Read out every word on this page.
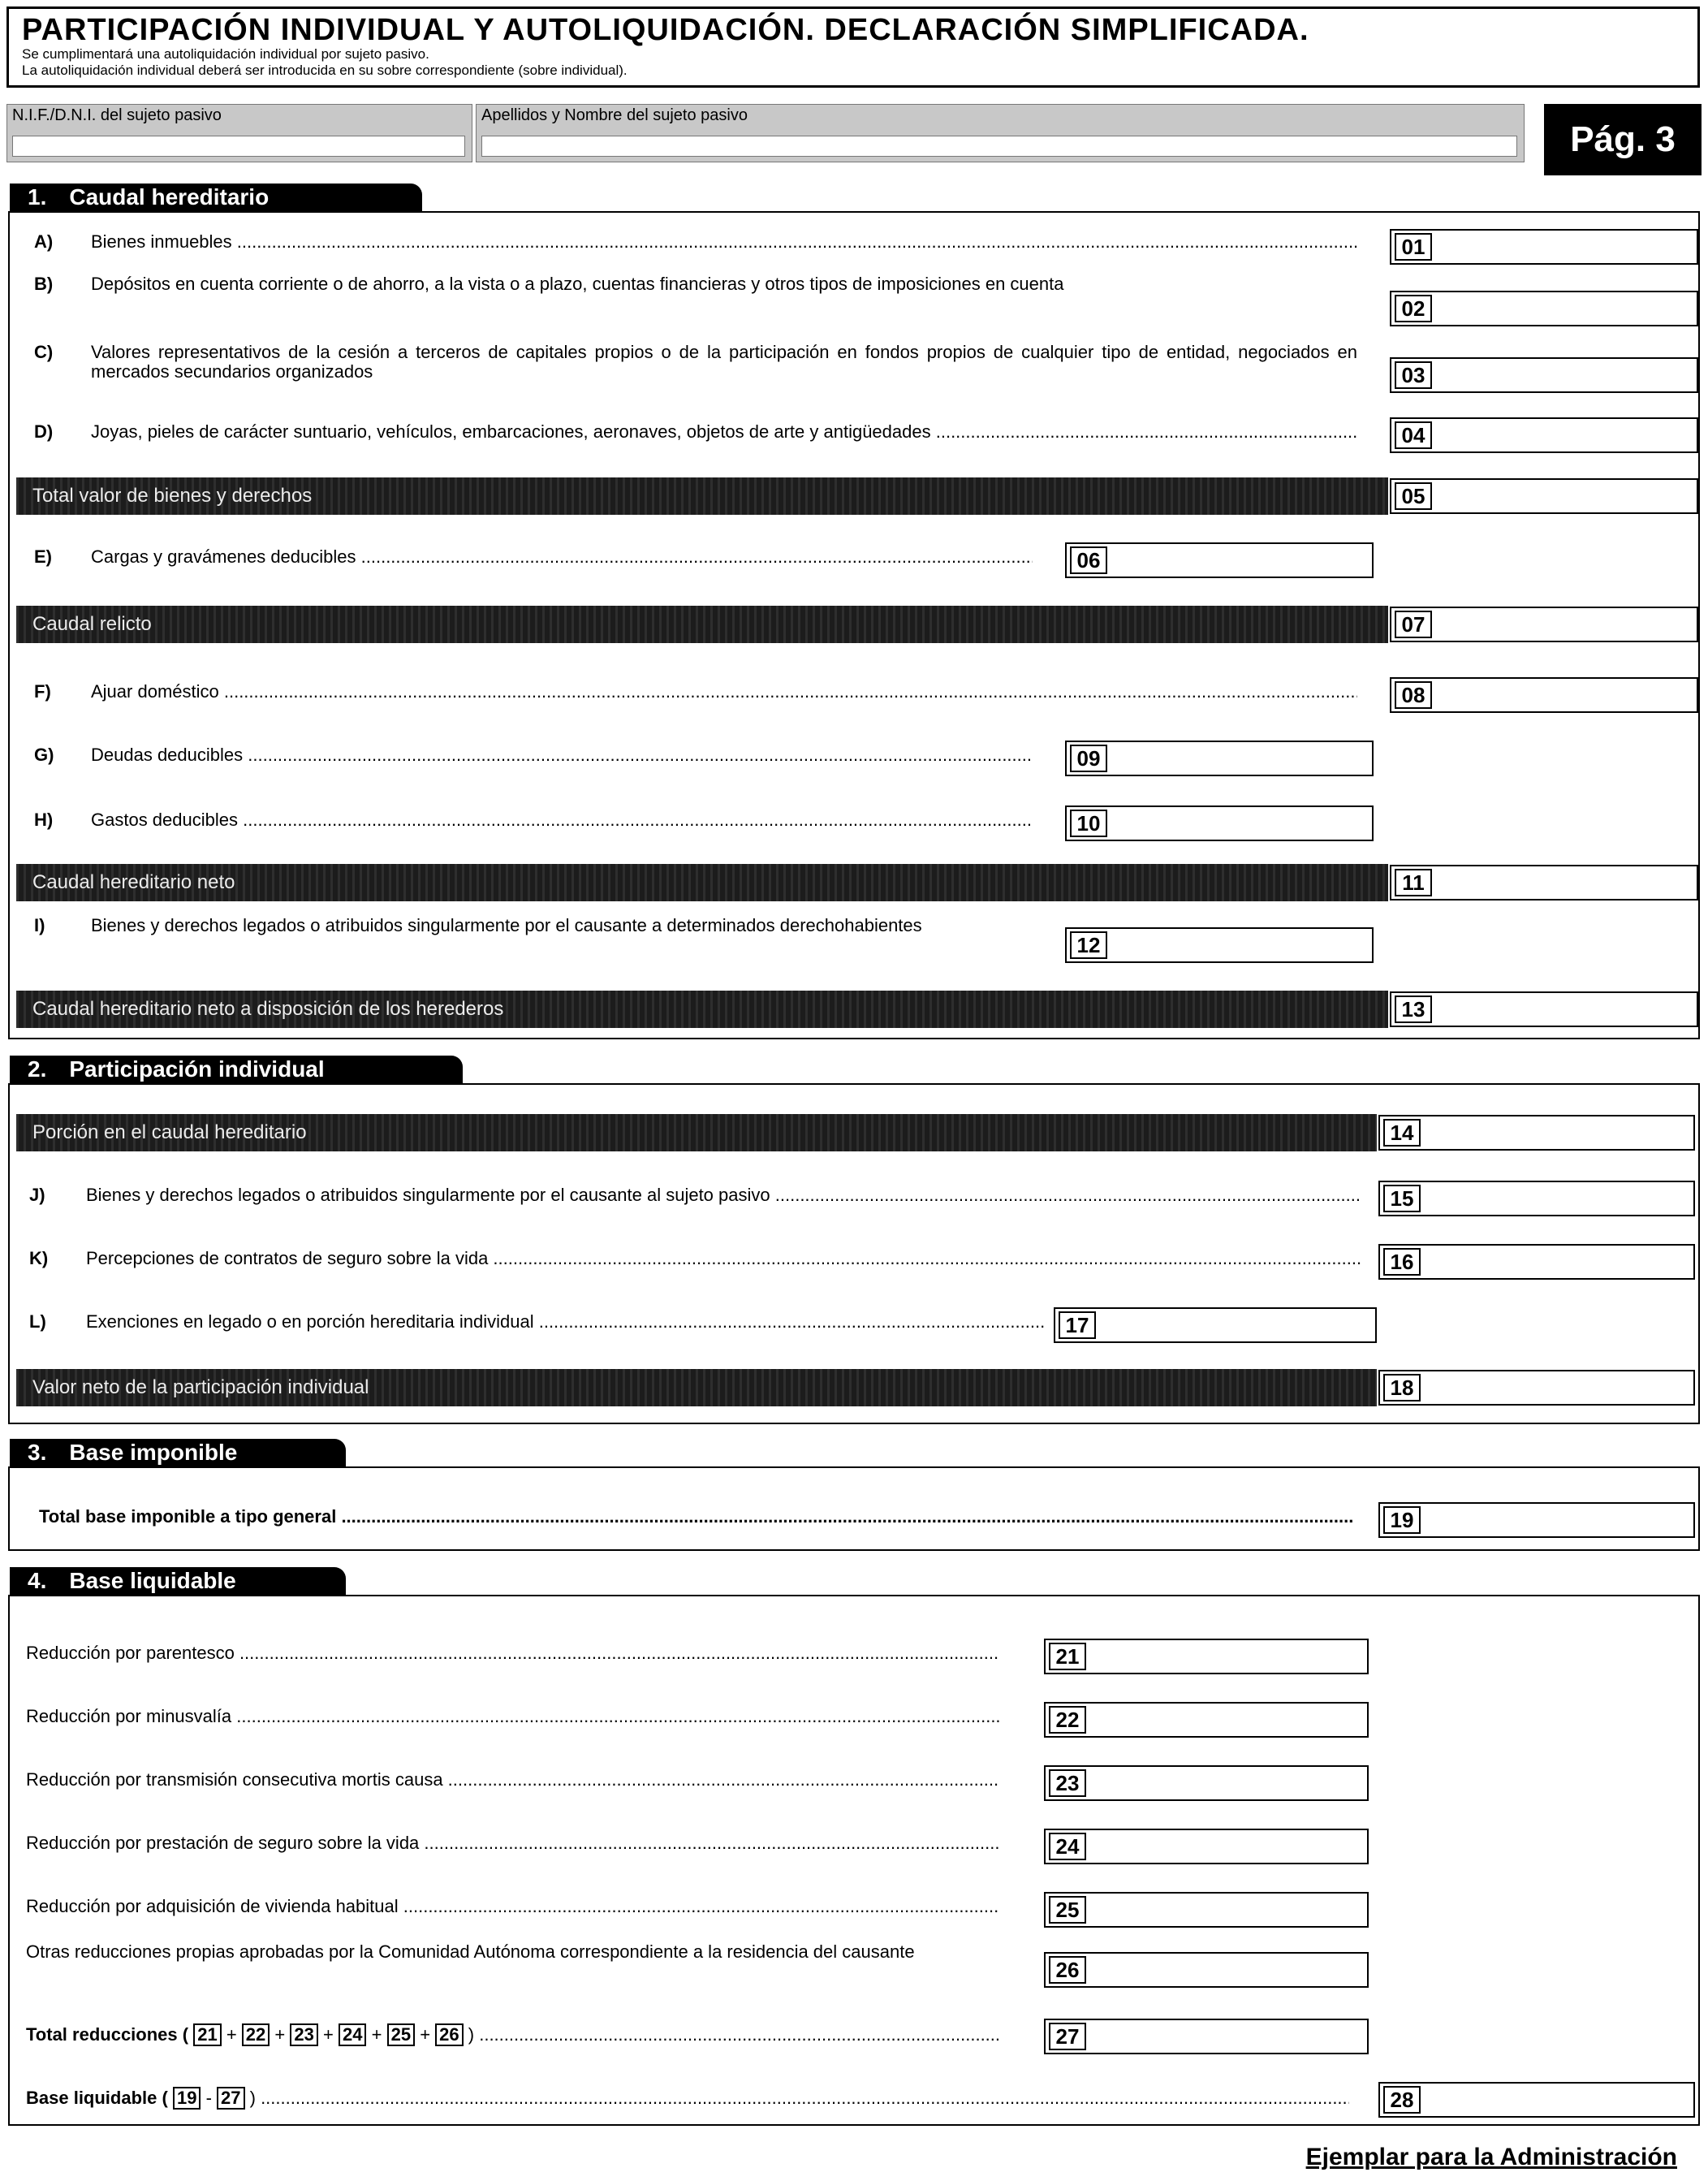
PARTICIPACIÓN INDIVIDUAL Y AUTOLIQUIDACIÓN. DECLARACIÓN SIMPLIFICADA.
Se cumplimentará una autoliquidación individual por sujeto pasivo.
La autoliquidación individual deberá ser introducida en su sobre correspondiente (sobre individual).
N.I.F./D.N.I. del sujeto pasivo	Apellidos y Nombre del sujeto pasivo
Pág. 3
1. Caudal hereditario
A) Bienes inmuebles .....	01
B) Depósitos en cuenta corriente o de ahorro, a la vista o a plazo, cuentas financieras y otros tipos de imposiciones en cuenta
02
C) Valores representativos de la cesión a terceros de capitales propios o de la participación en fondos propios de cualquier tipo de entidad, negociados en mercados secundarios organizados	03
D) Joyas, pieles de carácter suntuario, vehículos, embarcaciones, aeronaves, objetos de arte y antigüedades .....	04
Total valor de bienes y derechos	05
E) Cargas y gravámenes deducibles .....	06
Caudal relicto	07
F) Ajuar doméstico .....	08
G) Deudas deducibles .....	09
H) Gastos deducibles .....	10
Caudal hereditario neto	11
I)	Bienes y derechos legados o atribuidos singularmente por el causante a determinados derechohabientes
12
Caudal hereditario neto a disposición de los herederos	13
2. Participación individual
Porción en el caudal hereditario	14
J) Bienes y derechos legados o atribuidos singularmente por el causante al sujeto pasivo .....	15
K) Percepciones de contratos de seguro sobre la vida .....	16
L) Exenciones en legado o en porción hereditaria individual .....	17
Valor neto de la participación individual	18
3. Base imponible
Total base imponible a tipo general .....	19
4. Base liquidable
Reducción por parentesco .....	21
Reducción por minusvalía .....	22
Reducción por transmisión consecutiva mortis causa .....	23
Reducción por prestación de seguro sobre la vida .....	24
Reducción por adquisición de vivienda habitual .....	25
Otras reducciones propias aprobadas por la Comunidad Autónoma correspondiente a la residencia del causante
26
Total reducciones ( 21 + 22 + 23 + 24 + 25 + 26 ) .....	27
Base liquidable ( 19 - 27 ) .....	28
Ejemplar para la Administración
